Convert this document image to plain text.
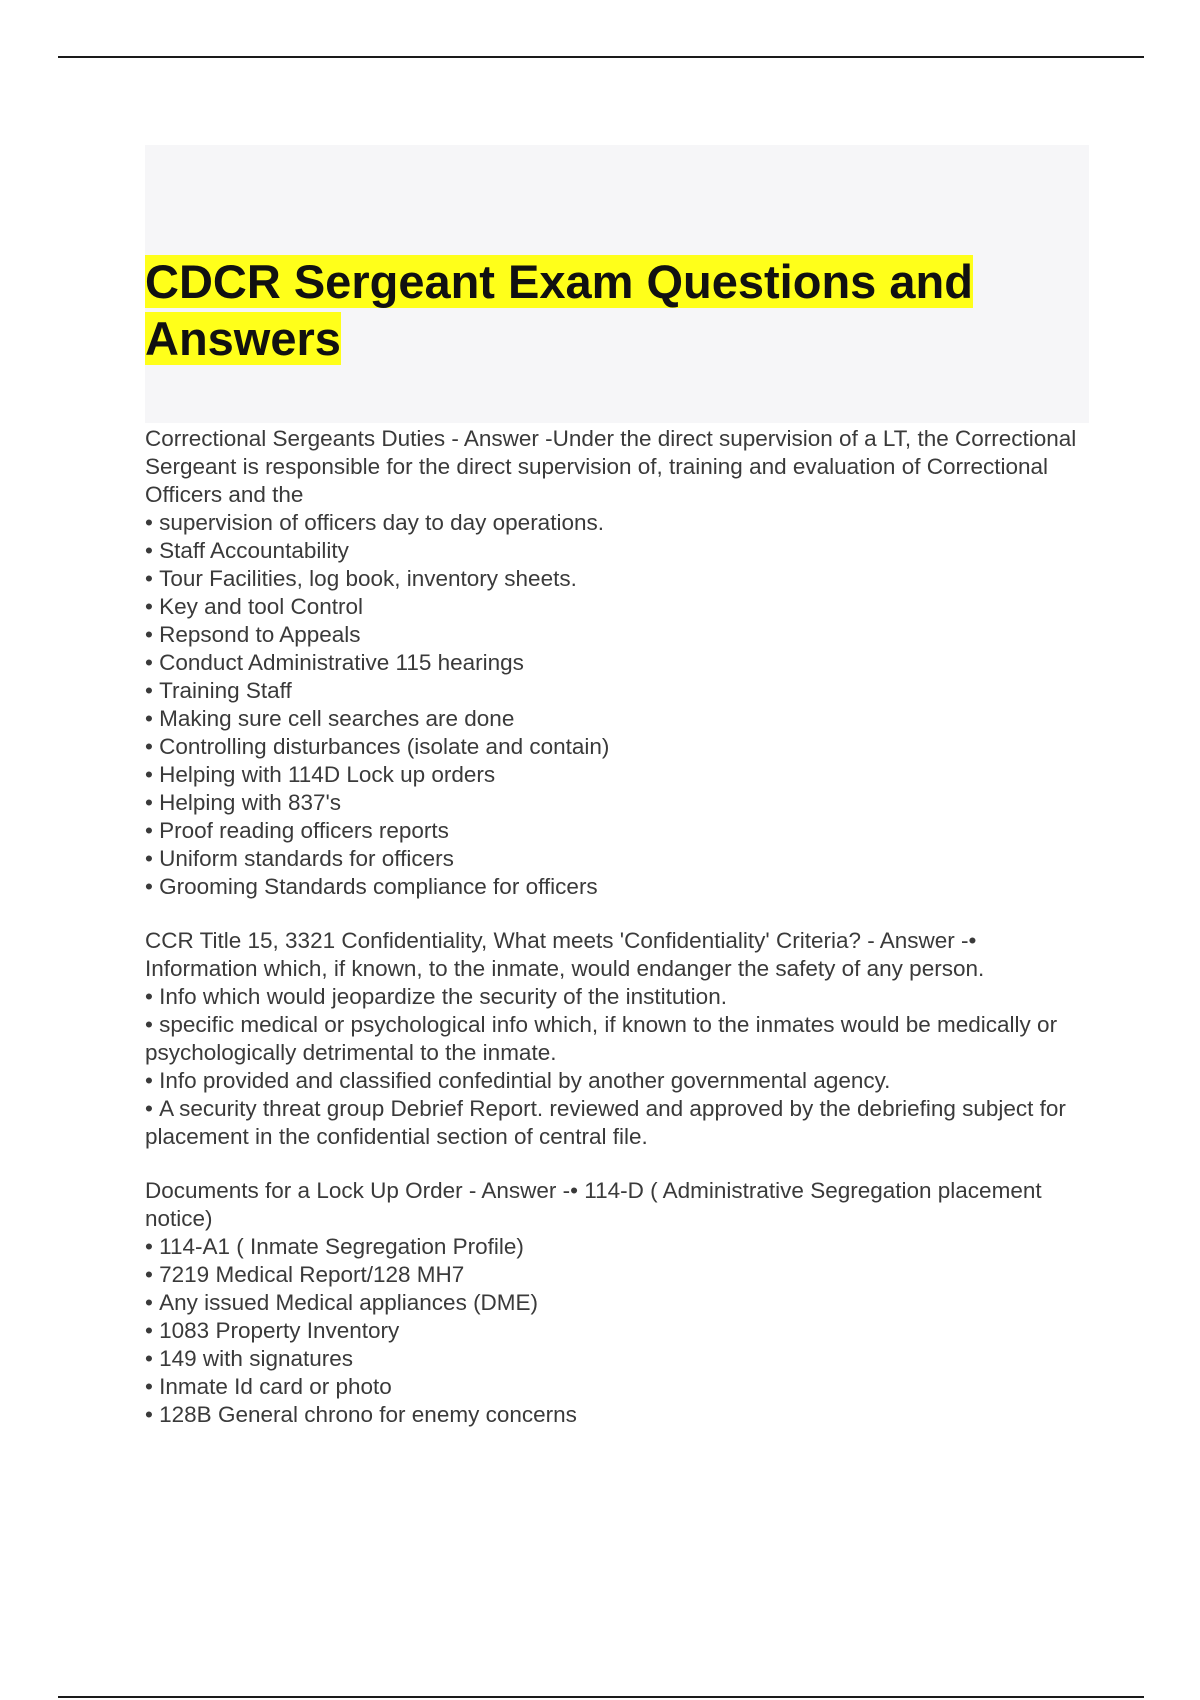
CDCR Sergeant Exam Questions and Answers

Correctional Sergeants Duties - Answer -Under the direct supervision of a LT, the Correctional Sergeant is responsible for the direct supervision of, training and evaluation of Correctional Officers and the

• supervision of officers day to day operations.
• Staff Accountability
• Tour Facilities, log book, inventory sheets.
• Key and tool Control
• Repsond to Appeals
• Conduct Administrative 115 hearings
• Training Staff
• Making sure cell searches are done
• Controlling disturbances (isolate and contain)
• Helping with 114D Lock up orders
• Helping with 837's
• Proof reading officers reports
• Uniform standards for officers
• Grooming Standards compliance for officers

CCR Title 15, 3321 Confidentiality, What meets 'Confidentiality' Criteria? - Answer -• Information which, if known, to the inmate, would endanger the safety of any person.

• Info which would jeopardize the security of the institution.
• specific medical or psychological info which, if known to the inmates would be medically or psychologically detrimental to the inmate.
• Info provided and classified confedintial by another governmental agency.
• A security threat group Debrief Report. reviewed and approved by the debriefing subject for placement in the confidential section of central file.

Documents for a Lock Up Order - Answer -• 114-D ( Administrative Segregation placement notice)

• 114-A1 ( Inmate Segregation Profile)
• 7219 Medical Report/128 MH7
• Any issued Medical appliances (DME)
• 1083 Property Inventory
• 149 with signatures
• Inmate Id card or photo
• 128B General chrono for enemy concerns
